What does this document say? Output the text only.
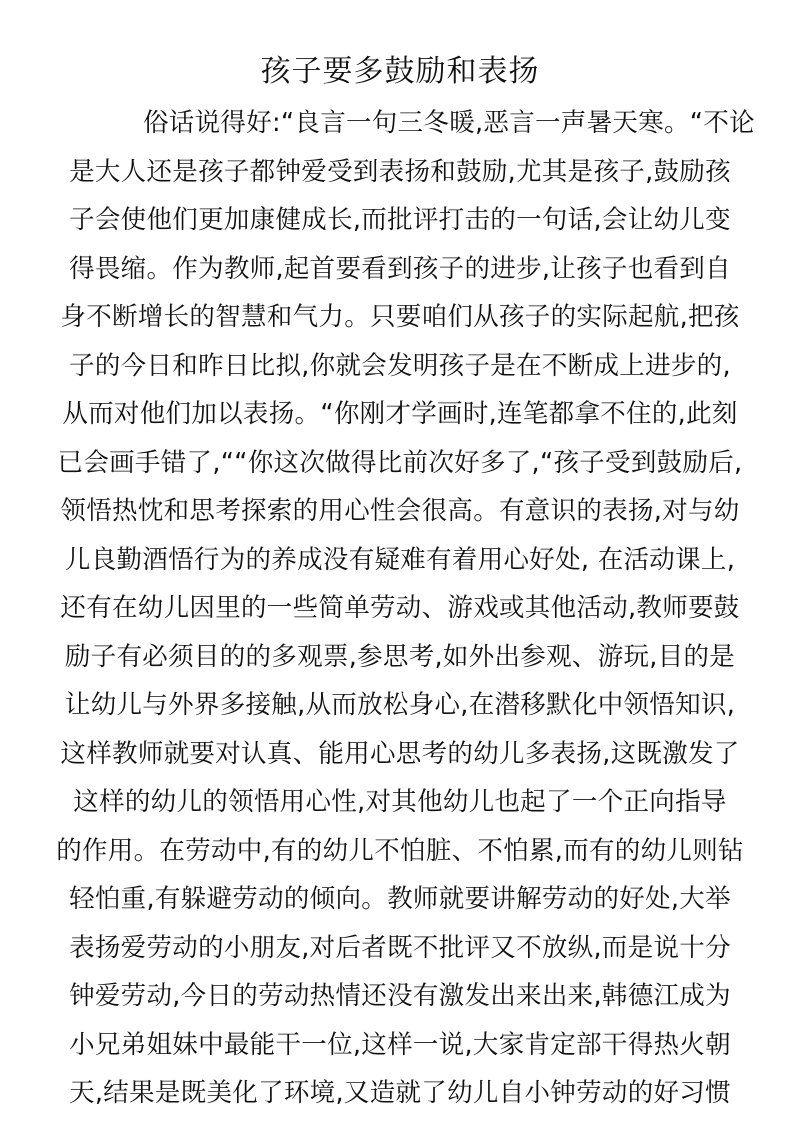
孩子要多鼓励和表扬
俗话说得好:“良言一句三冬暖,恶言一声暑天寒。“不论
是大人还是孩子都钟爱受到表扬和鼓励,尤其是孩子,鼓励孩
子会使他们更加康健成长,而批评打击的一句话,会让幼儿变
得畏缩。作为教师,起首要看到孩子的进步,让孩子也看到自
身不断增长的智慧和气力。只要咱们从孩子的实际起航,把孩
子的今日和昨日比拟,你就会发明孩子是在不断成上进步的,
从而对他们加以表扬。“你刚才学画时,连笔都拿不住的,此刻
已会画手错了,““你这次做得比前次好多了,“孩子受到鼓励后,
领悟热忱和思考探索的用心性会很高。有意识的表扬,对与幼
儿良勤酒悟行为的养成没有疑难有着用心好处, 在活动课上,
还有在幼儿因里的一些简单劳动、游戏或其他活动,教师要鼓
励子有必须目的的多观票,参思考,如外出参观、游玩,目的是
让幼儿与外界多接触,从而放松身心,在潜移默化中领悟知识,
这样教师就要对认真、能用心思考的幼儿多表扬,这既激发了
这样的幼儿的领悟用心性,对其他幼儿也起了一个正向指导
的作用。在劳动中,有的幼儿不怕脏、不怕累,而有的幼儿则钻
轻怕重,有躲避劳动的倾向。教师就要讲解劳动的好处,大举
表扬爱劳动的小朋友,对后者既不批评又不放纵,而是说十分
钟爱劳动,今日的劳动热情还没有激发出来出来,韩德江成为
小兄弟姐妹中最能干一位,这样一说,大家肯定部干得热火朝
天,结果是既美化了环境,又造就了幼儿自小钟劳动的好习惯
